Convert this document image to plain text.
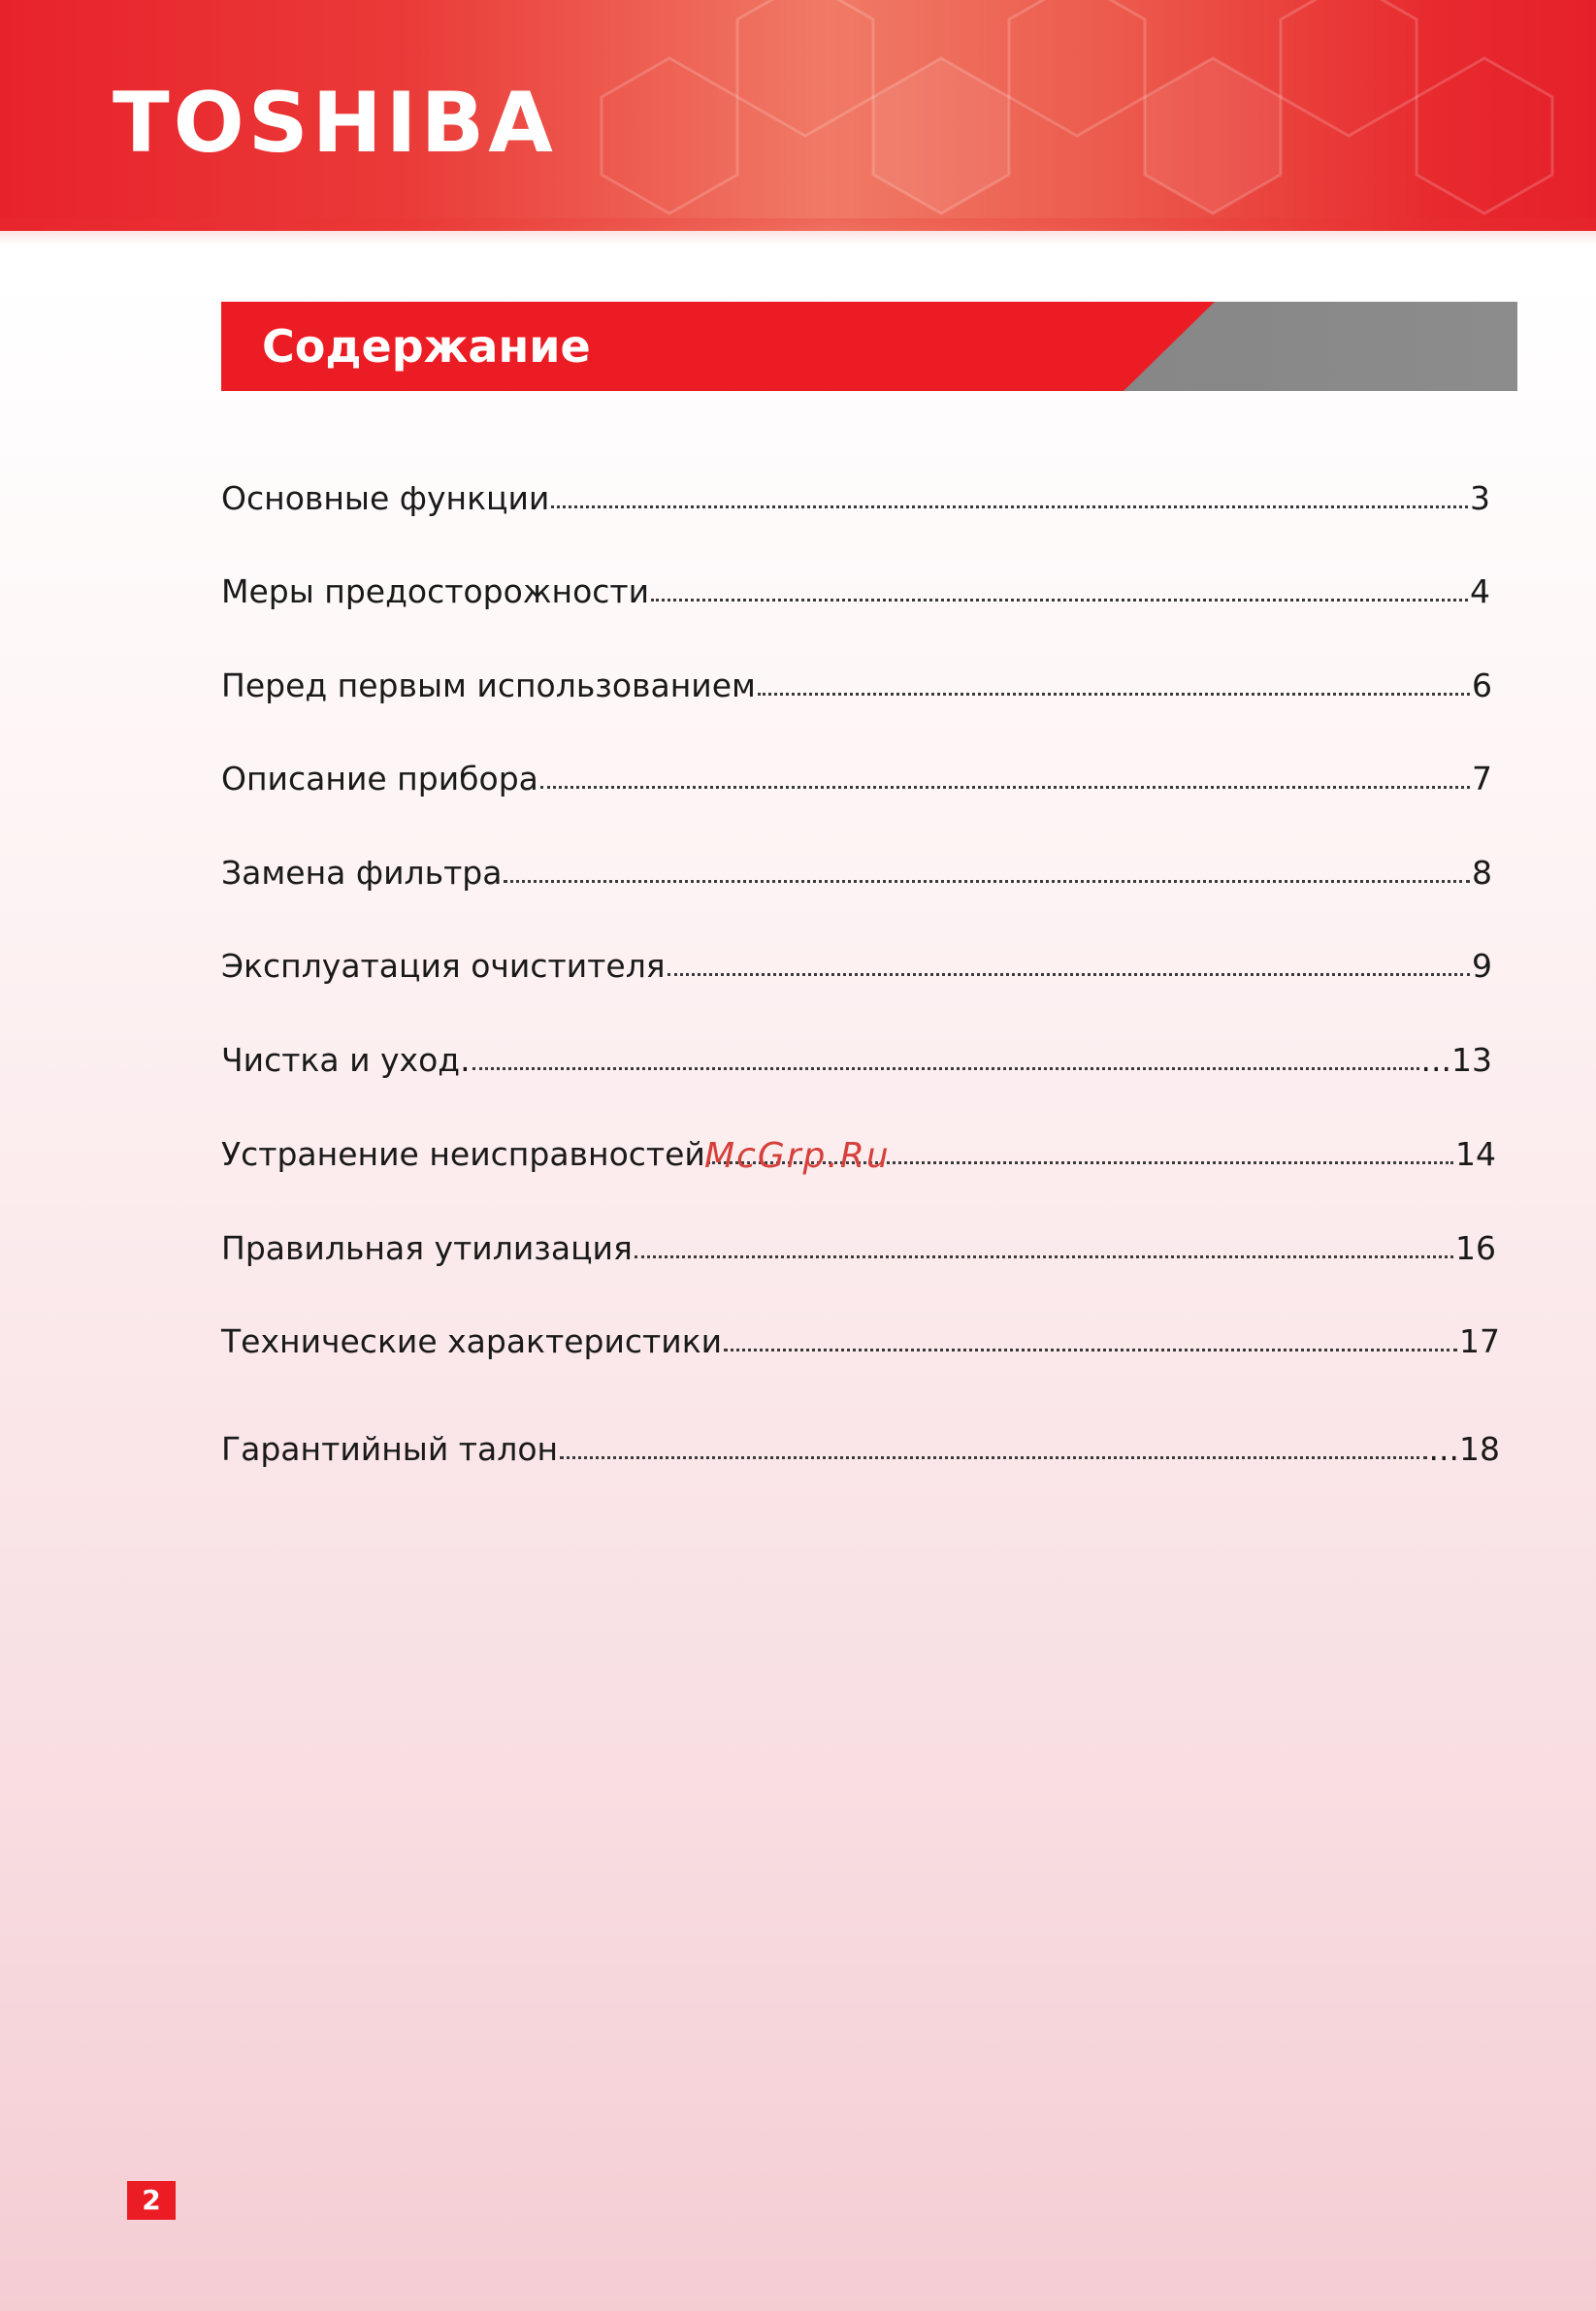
TOSHIBA
Содержание
Основные функции	3
Меры предосторожности	4
Перед первым использованием	6
Описание прибора	7
Замена фильтра	8
Эксплуатация очистителя	9
Чистка и уход.	...13
Устранение неисправностей	14
Правильная утилизация	16
Технические характеристики	17
Гарантийный талон	...18
McGrp.Ru
2
